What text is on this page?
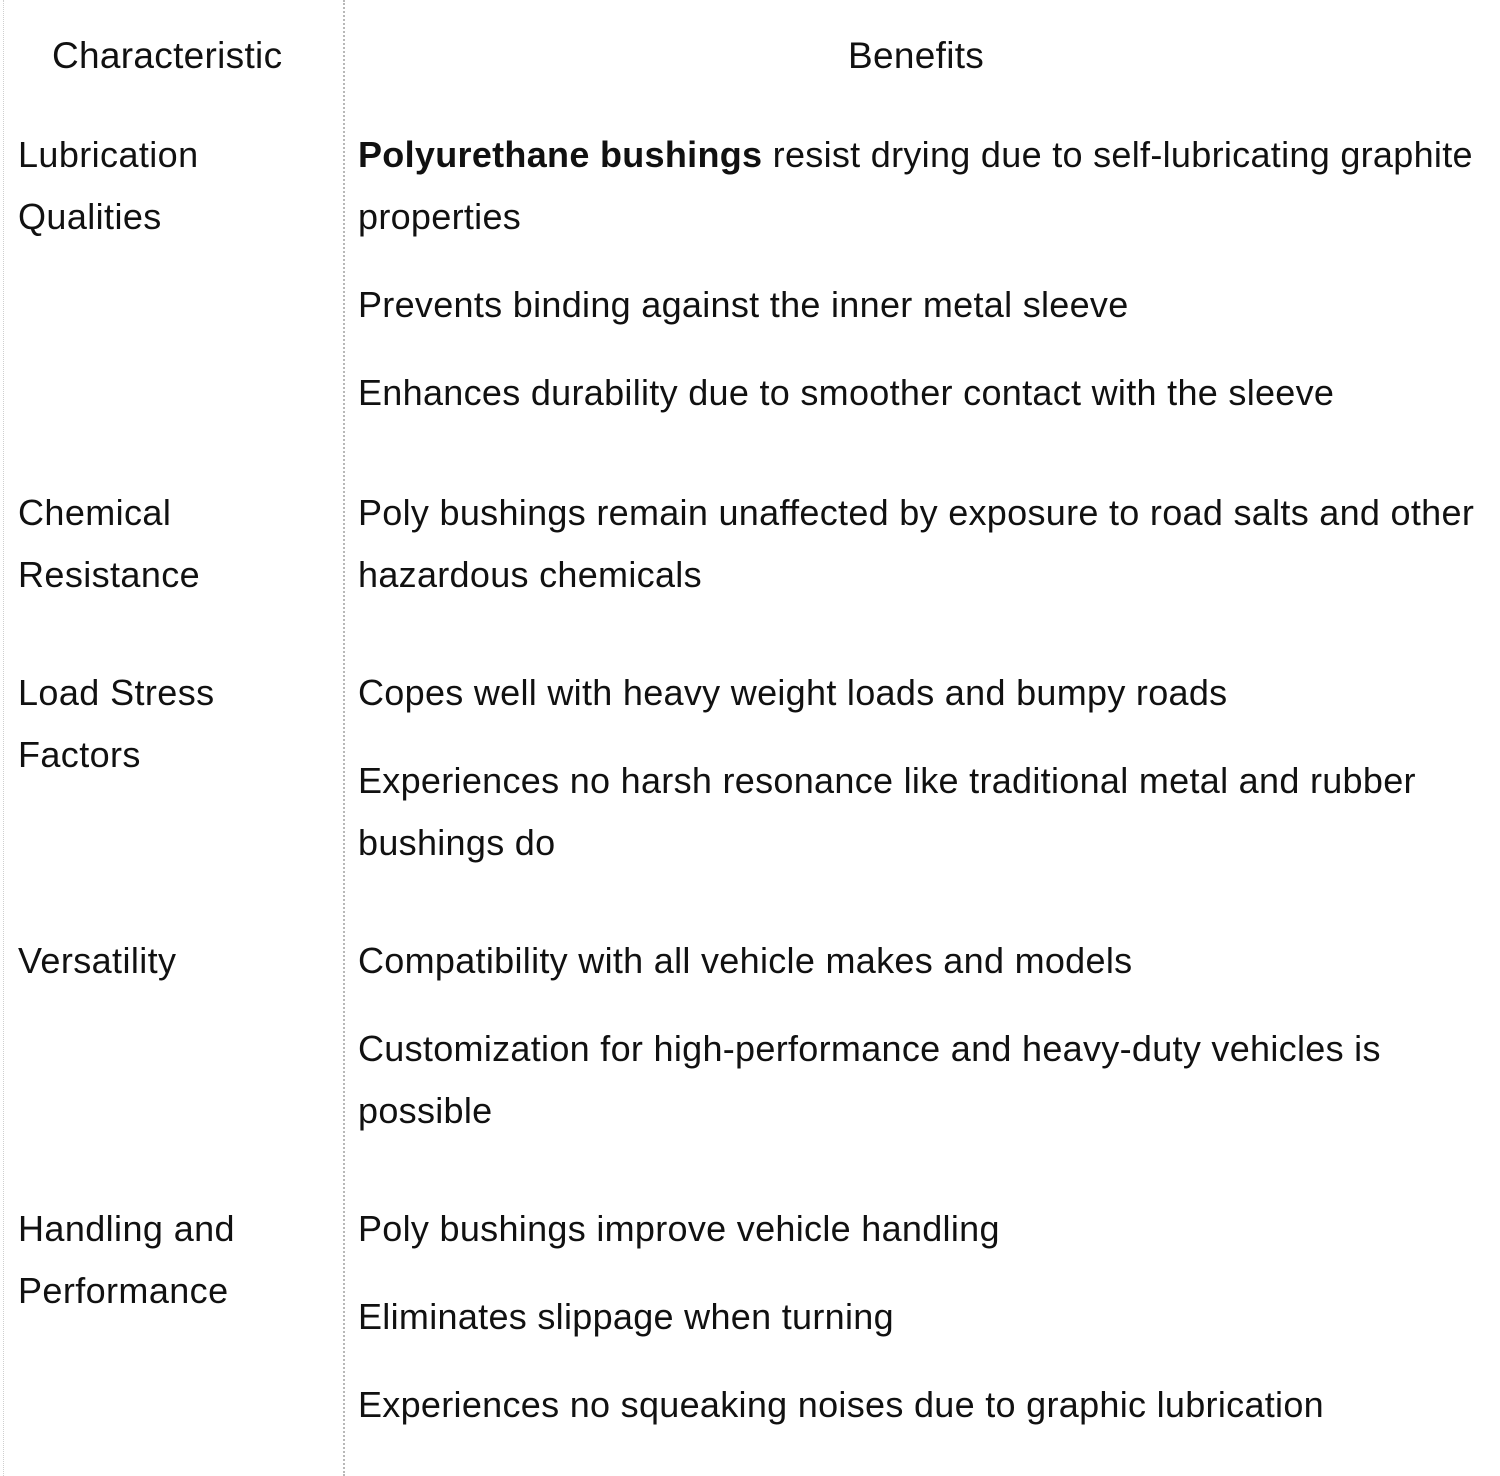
Characteristic	Benefits
Lubrication Qualities
Polyurethane bushings resist drying due to self-lubricating graphite properties
Prevents binding against the inner metal sleeve
Enhances durability due to smoother contact with the sleeve
Chemical Resistance
Poly bushings remain unaffected by exposure to road salts and other hazardous chemicals
Load Stress Factors
Copes well with heavy weight loads and bumpy roads
Experiences no harsh resonance like traditional metal and rubber bushings do
Versatility	Compatibility with all vehicle makes and models
Customization for high-performance and heavy-duty vehicles is possible
Handling and Performance
Poly bushings improve vehicle handling
Eliminates slippage when turning
Experiences no squeaking noises due to graphic lubrication
